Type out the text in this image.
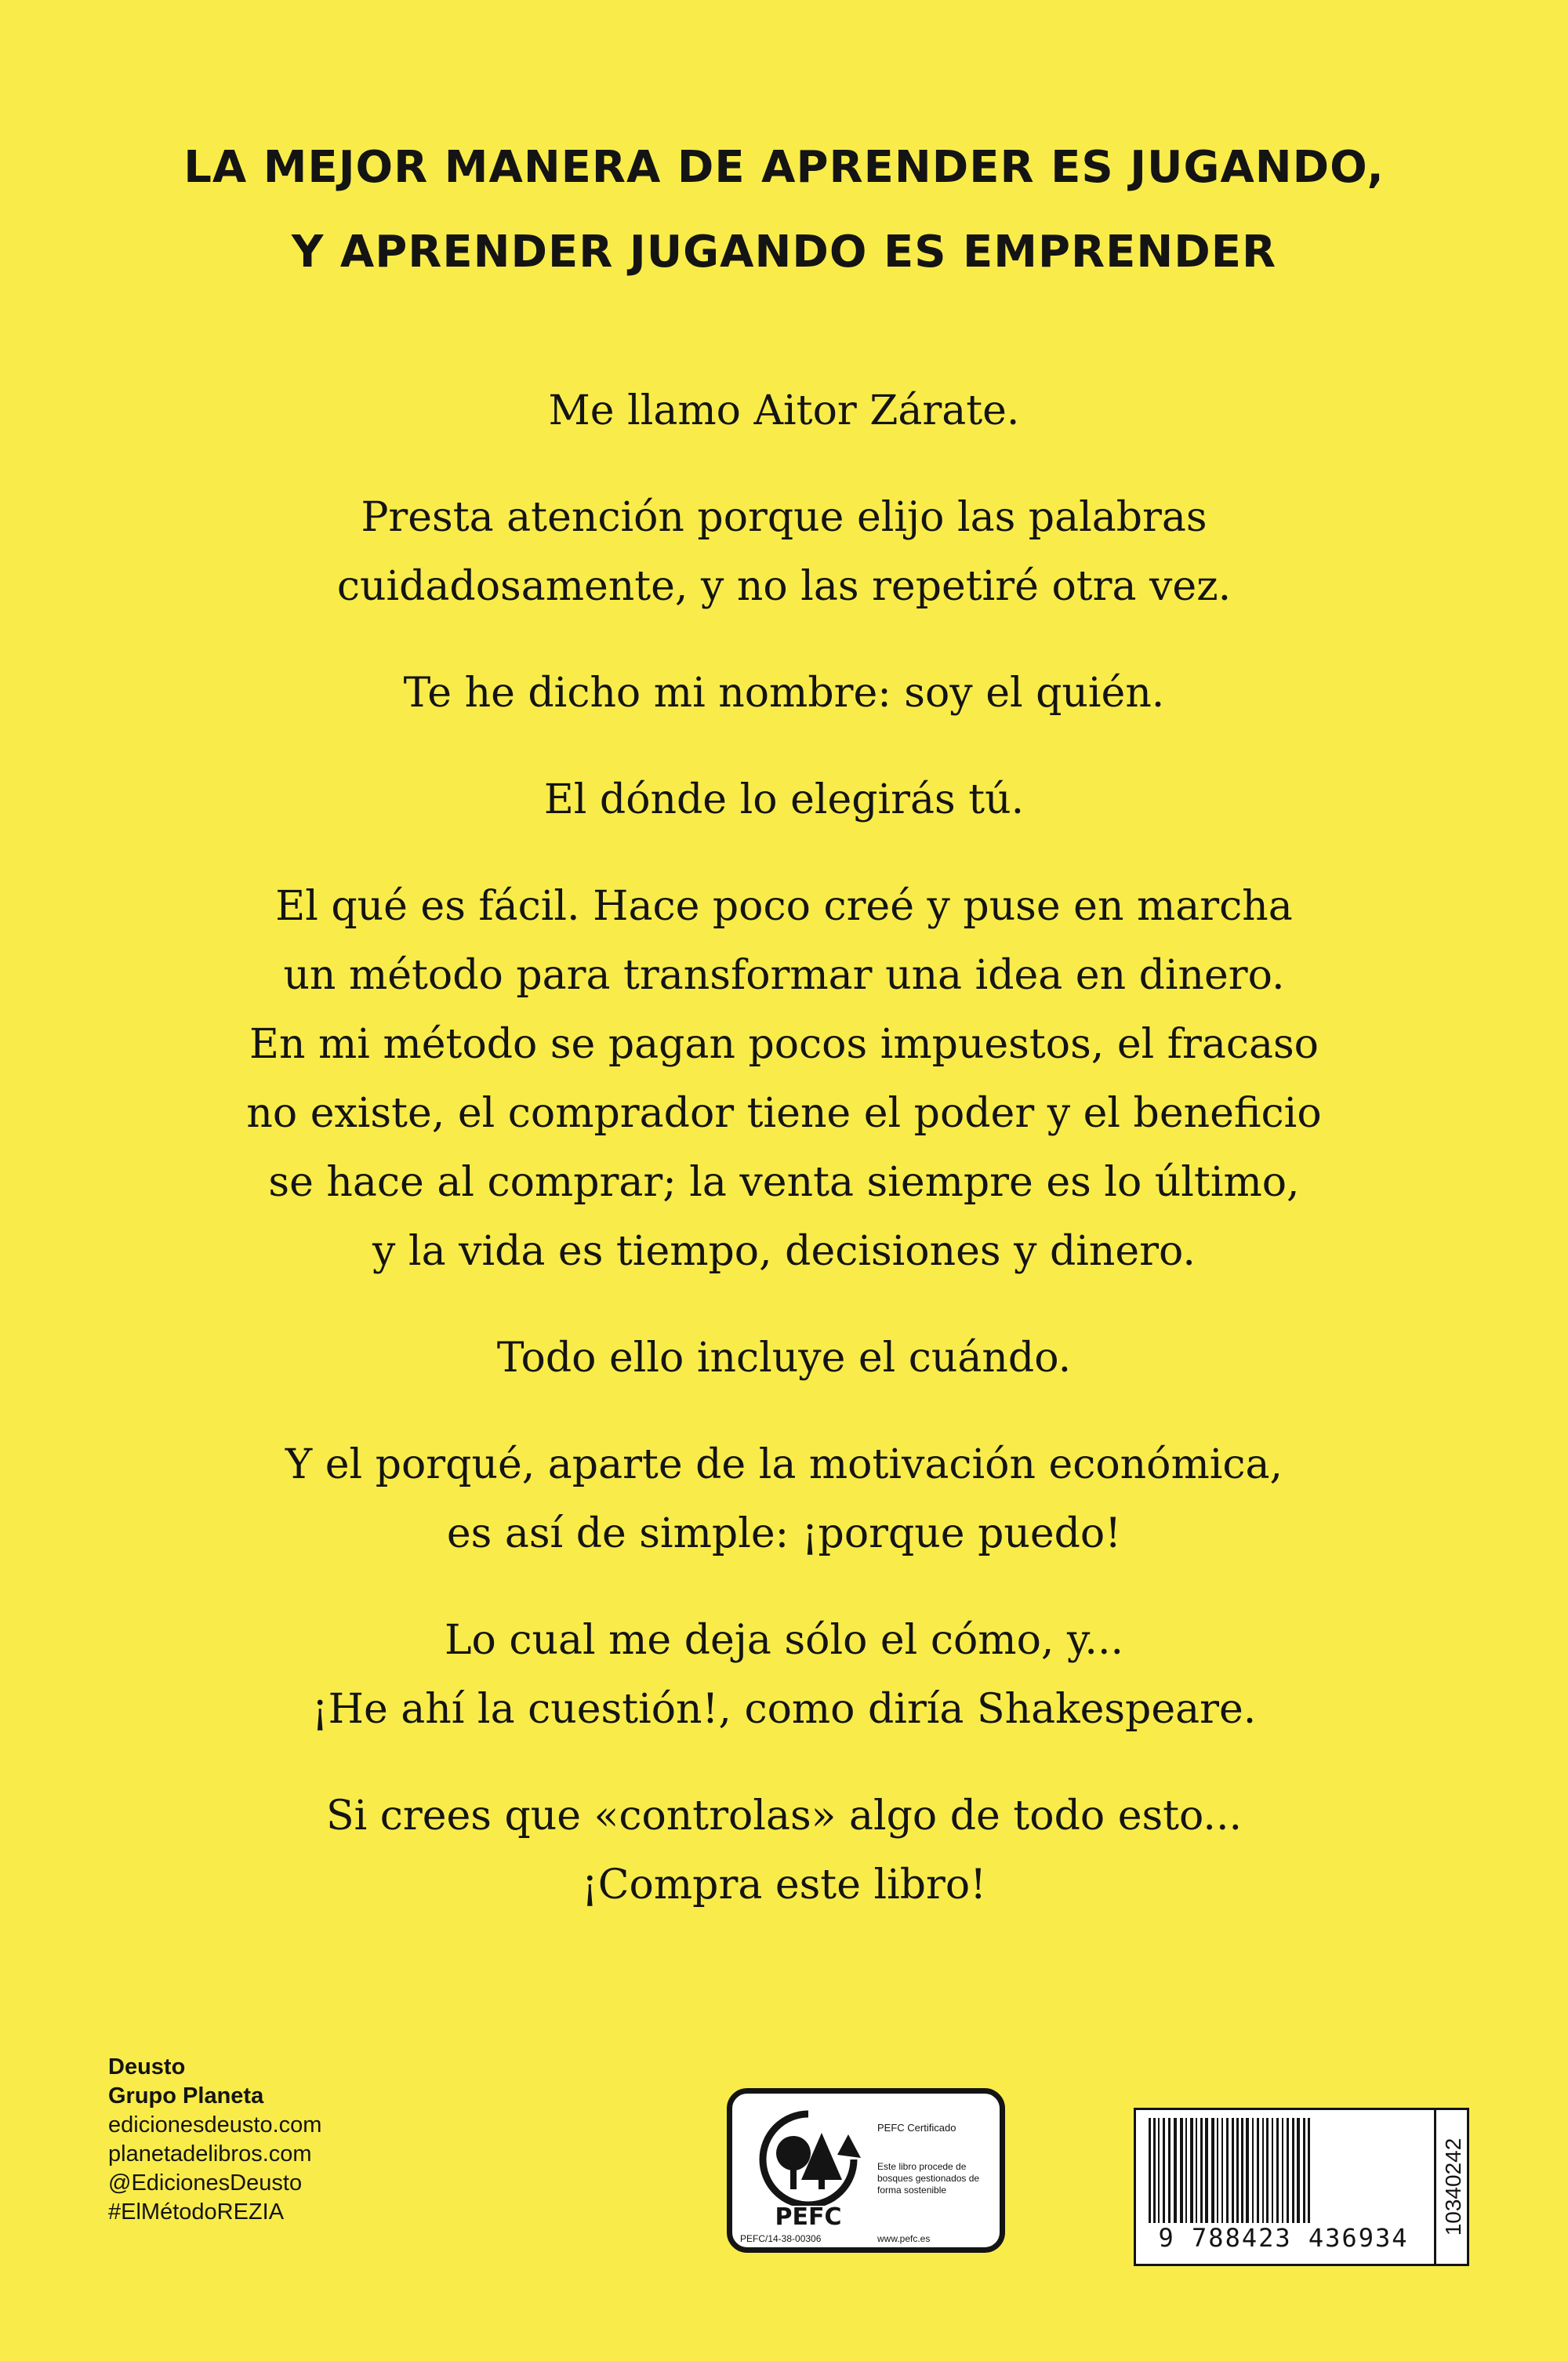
LA MEJOR MANERA DE APRENDER ES JUGANDO,
Y APRENDER JUGANDO ES EMPRENDER

Me llamo Aitor Zárate.

Presta atención porque elijo las palabras
cuidadosamente, y no las repetiré otra vez.

Te he dicho mi nombre: soy el quién.

El dónde lo elegirás tú.

El qué es fácil. Hace poco creé y puse en marcha
un método para transformar una idea en dinero.
En mi método se pagan pocos impuestos, el fracaso
no existe, el comprador tiene el poder y el beneficio
se hace al comprar; la venta siempre es lo último,
y la vida es tiempo, decisiones y dinero.

Todo ello incluye el cuándo.

Y el porqué, aparte de la motivación económica,
es así de simple: ¡porque puedo!

Lo cual me deja sólo el cómo, y...
¡He ahí la cuestión!, como diría Shakespeare.

Si crees que «controlas» algo de todo esto...
¡Compra este libro!

Deusto
Grupo Planeta
edicionesdeusto.com
planetadelibros.com
@EdicionesDeusto
#ElMétodoREZIA	PEFC
PEFC/14-38-00306
PEFC Certificado
Este libro procede de bosques gestionados de forma sostenible
www.pefc.es	9 788423 436934
10340242
